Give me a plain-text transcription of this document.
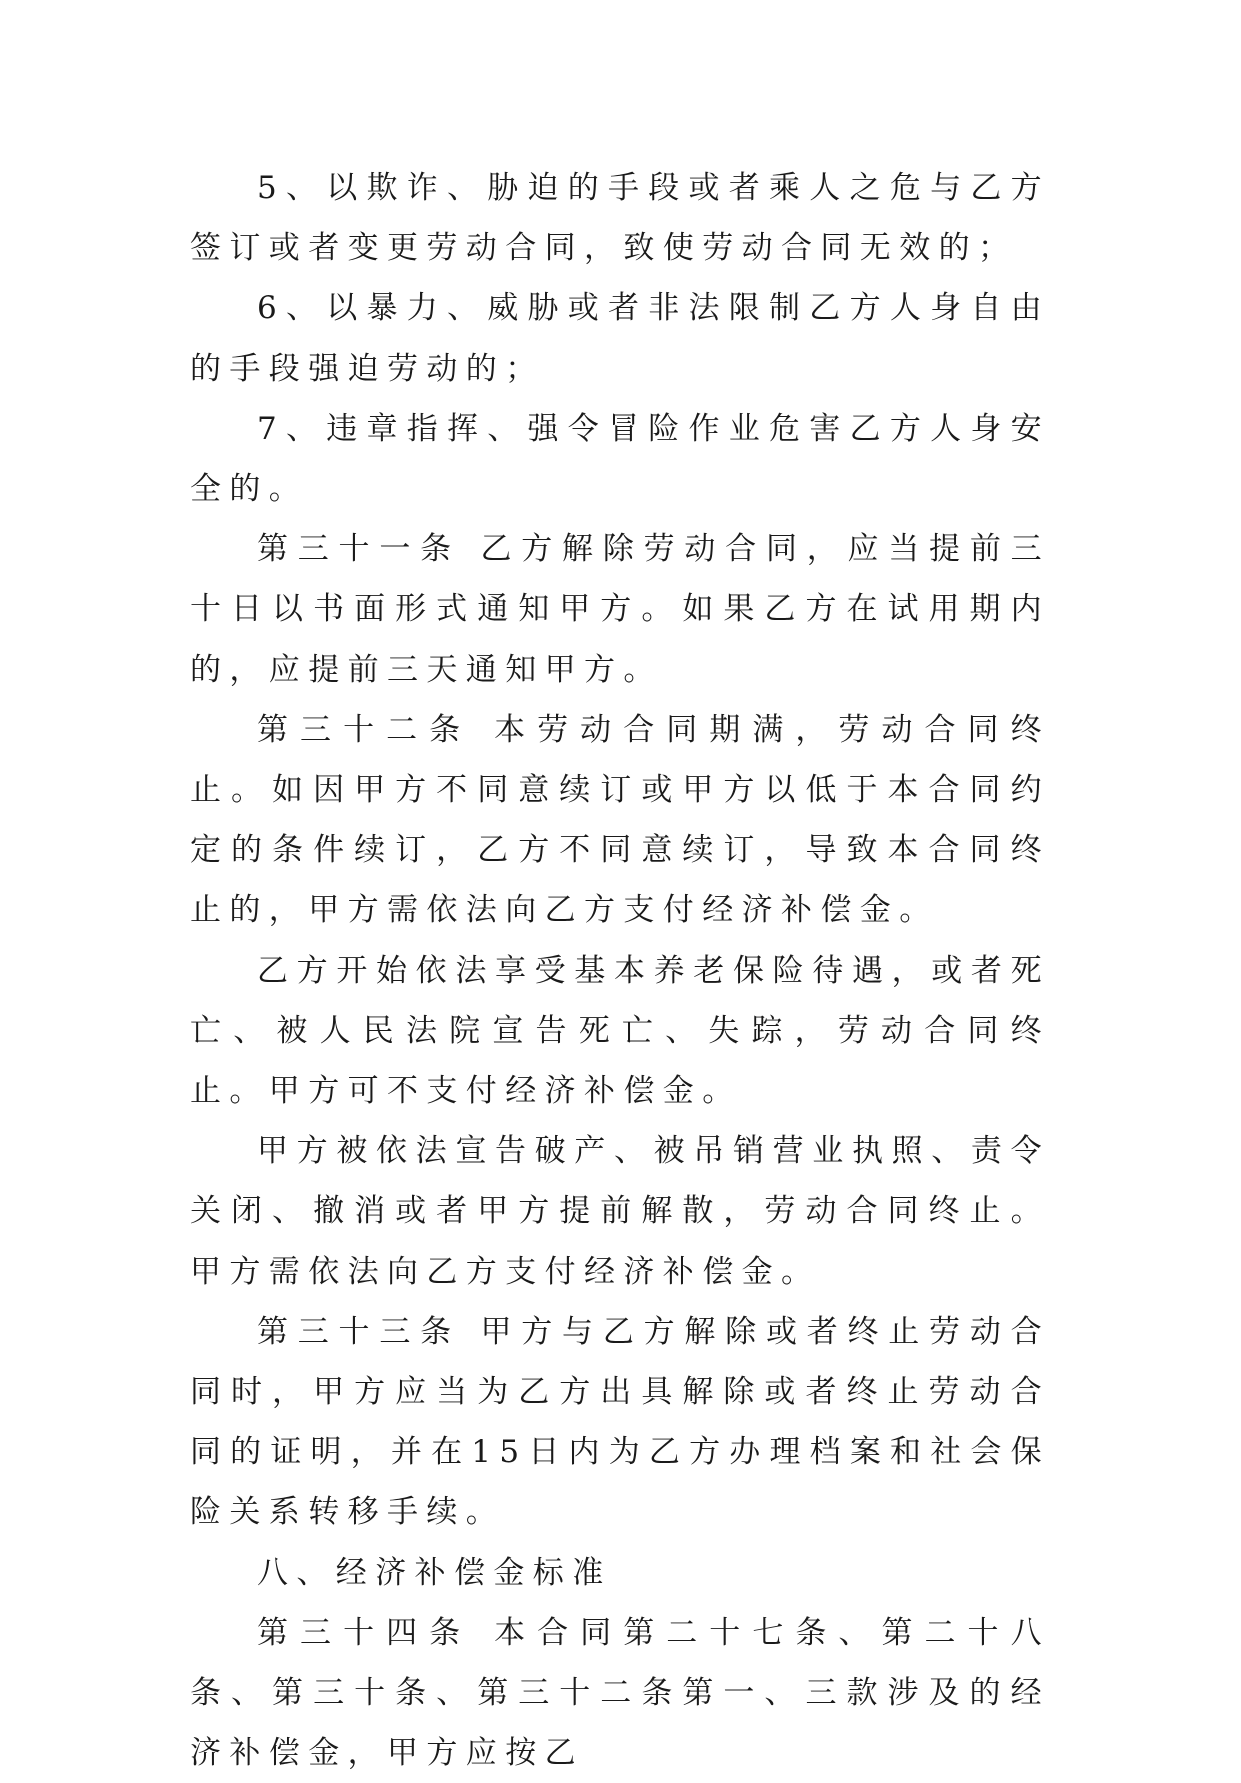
5、以欺诈、胁迫的手段或者乘人之危与乙方签订或者变更劳动合同，致使劳动合同无效的；

6、以暴力、威胁或者非法限制乙方人身自由的手段强迫劳动的；

7、违章指挥、强令冒险作业危害乙方人身安全的。

第三十一条 乙方解除劳动合同，应当提前三十日以书面形式通知甲方。如果乙方在试用期内的，应提前三天通知甲方。

第三十二条 本劳动合同期满，劳动合同终止。如因甲方不同意续订或甲方以低于本合同约定的条件续订，乙方不同意续订，导致本合同终止的，甲方需依法向乙方支付经济补偿金。

乙方开始依法享受基本养老保险待遇，或者死亡、被人民法院宣告死亡、失踪，劳动合同终止。甲方可不支付经济补偿金。

甲方被依法宣告破产、被吊销营业执照、责令关闭、撤消或者甲方提前解散，劳动合同终止。甲方需依法向乙方支付经济补偿金。

第三十三条 甲方与乙方解除或者终止劳动合同时，甲方应当为乙方出具解除或者终止劳动合同的证明，并在15日内为乙方办理档案和社会保险关系转移手续。

八、经济补偿金标准

第三十四条 本合同第二十七条、第二十八条、第三十条、第三十二条第一、三款涉及的经济补偿金，甲方应按乙
